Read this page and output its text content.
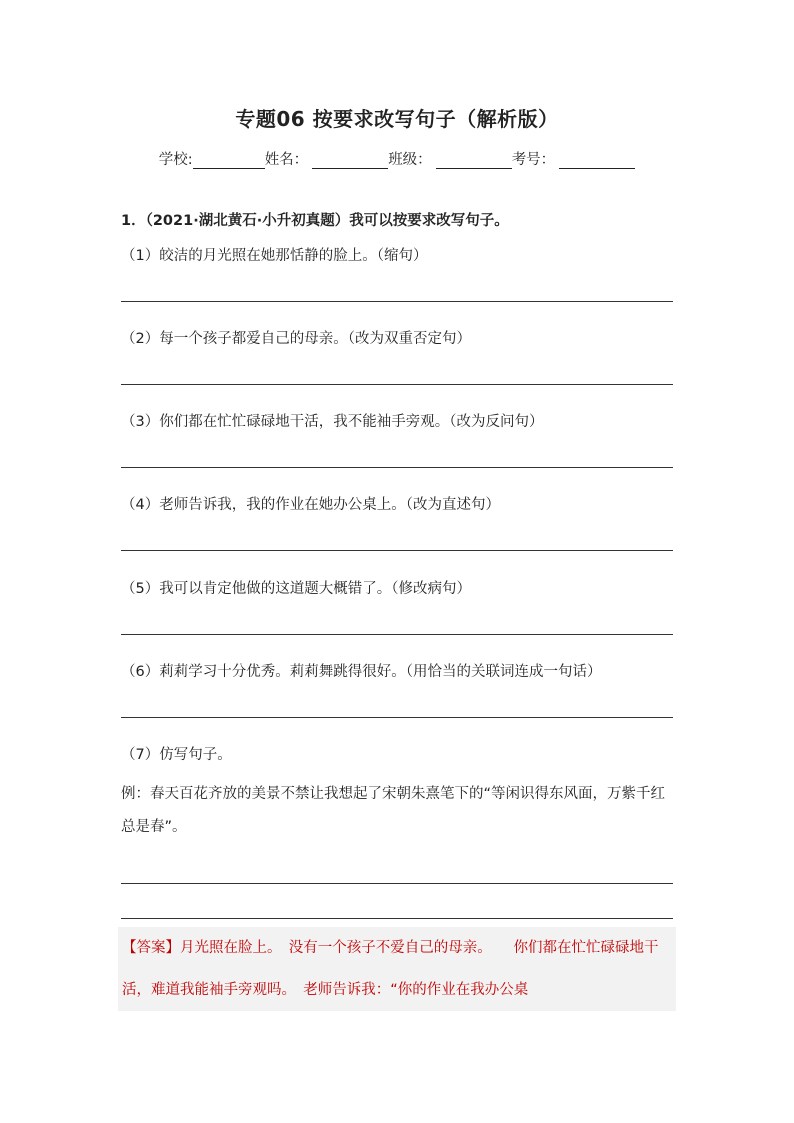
专题06 按要求改写句子（解析版）
学校:	姓名：	班级：	考号：
1．（2021·湖北黄石·小升初真题）我可以按要求改写句子。
（1）皎洁的月光照在她那恬静的脸上。（缩句）
（2）每一个孩子都爱自己的母亲。（改为双重否定句）
（3）你们都在忙忙碌碌地干活，我不能袖手旁观。（改为反问句）
（4）老师告诉我，我的作业在她办公桌上。（改为直述句）
（5）我可以肯定他做的这道题大概错了。（修改病句）
（6）莉莉学习十分优秀。莉莉舞跳得很好。（用恰当的关联词连成一句话）
（7）仿写句子。
例：春天百花齐放的美景不禁让我想起了宋朝朱熹笔下的“等闲识得东风面，万紫千红总是春”。
【答案】月光照在脸上。　没有一个孩子不爱自己的母亲。　　你们都在忙忙碌碌地干活，难道我能袖手旁观吗。　老师告诉我：“你的作业在我办公桌
